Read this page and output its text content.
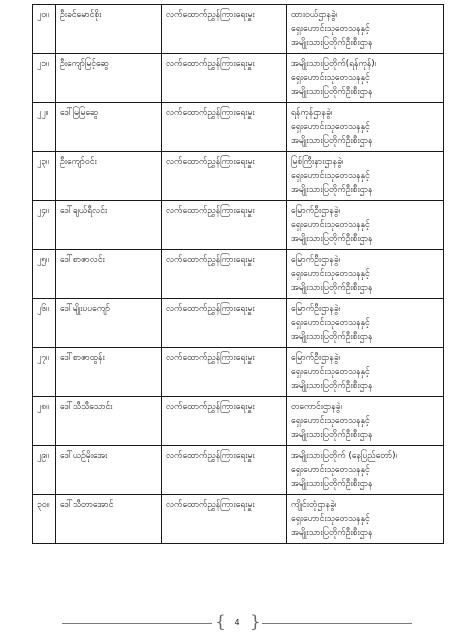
၂၀။	ဦးခင်မောင်စိုး	လက်ထောက်ညွှန်ကြားရေးမှူး	ထားဝယ်ဌာနခွဲ၊
ရှေးဟောင်းသုတေသနနှင့်
အမျိုးသားပြတိုက်ဦးစီးဌာန

၂၁။	ဦးကျော်မြင့်ဆွေ	လက်ထောက်ညွှန်ကြားရေးမှူး	အမျိုးသားပြတိုက်(ရန်ကုန်)၊
ရှေးဟောင်းသုတေသနနှင့်
အမျိုးသားပြတိုက်ဦးစီးဌာန

၂၂။	ဒေါ်မြမြဆွေ	လက်ထောက်ညွှန်ကြားရေးမှူး	ရန်ကုန်ဌာနခွဲ၊
ရှေးဟောင်းသုတေသနနှင့်
အမျိုးသားပြတိုက်ဦးစီးဌာန

၂၃။	ဦးကျော်ဝင်း	လက်ထောက်ညွှန်ကြားရေးမှူး	မြစ်ကြီးနားဌာနခွဲ၊
ရှေးဟောင်းသုတေသနနှင့်
အမျိုးသားပြတိုက်ဦးစီးဌာန

၂၄။	ဒေါ်ချယ်ရီလင်း	လက်ထောက်ညွှန်ကြားရေးမှူး	မြောက်ဦးဌာနခွဲ၊
ရှေးဟောင်းသုတေသနနှင့်
အမျိုးသားပြတိုက်ဦးစီးဌာန

၂၅။	ဒေါ်စာဇာလင်း	လက်ထောက်ညွှန်ကြားရေးမှူး	မြောက်ဦးဌာနခွဲ၊
ရှေးဟောင်းသုတေသနနှင့်
အမျိုးသားပြတိုက်ဦးစီးဌာန

၂၆။	ဒေါ်မျိုးပပကျော်	လက်ထောက်ညွှန်ကြားရေးမှူး	မြောက်ဦးဌာနခွဲ၊
ရှေးဟောင်းသုတေသနနှင့်
အမျိုးသားပြတိုက်ဦးစီးဌာန

၂၇။	ဒေါ်စာဇာထွန်း	လက်ထောက်ညွှန်ကြားရေးမှူး	မြောက်ဦးဌာနခွဲ၊
ရှေးဟောင်းသုတေသနနှင့်
အမျိုးသားပြတိုက်ဦးစီးဌာန

၂၈။	ဒေါ်သီသီသောင်း	လက်ထောက်ညွှန်ကြားရေးမှူး	တကောင်းဌာနခွဲ၊
ရှေးဟောင်းသုတေသနနှင့်
အမျိုးသားပြတိုက်ဦးစီးဌာန

၂၉။	ဒေါ်ယဉ်မိုးအေး	လက်ထောက်ညွှန်ကြားရေးမှူး	အမျိုးသားပြတိုက် (နေပြည်တော်)၊
ရှေးဟောင်းသုတေသနနှင့်
အမျိုးသားပြတိုက်ဦးစီးဌာန

၃၀။	ဒေါ်သီတာအောင်	လက်ထောက်ညွှန်ကြားရေးမှူး	ကျိုင်းတုံဌာနခွဲ၊
ရှေးဟောင်းသုတေသနနှင့်
အမျိုးသားပြတိုက်ဦးစီးဌာန
{	4 }
